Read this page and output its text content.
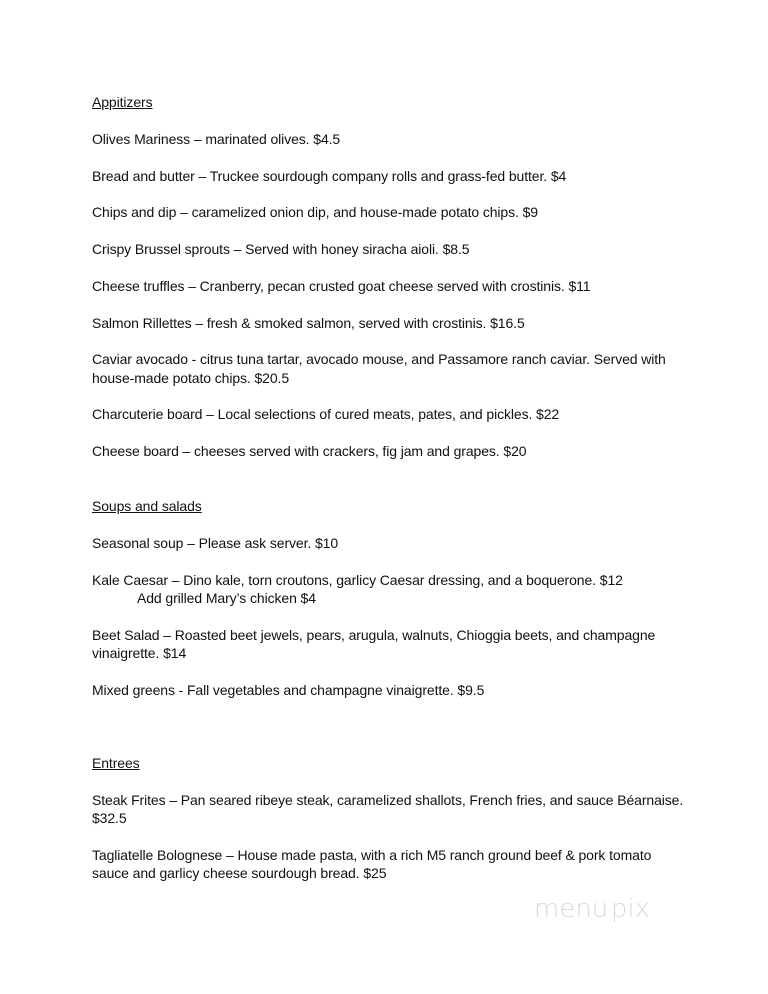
Appitizers
Olives Mariness – marinated olives. $4.5
Bread and butter – Truckee sourdough company rolls and grass-fed butter. $4
Chips and dip – caramelized onion dip, and house-made potato chips. $9
Crispy Brussel sprouts – Served with honey siracha aioli. $8.5
Cheese truffles – Cranberry, pecan crusted goat cheese served with crostinis. $11
Salmon Rillettes – fresh & smoked salmon, served with crostinis. $16.5
Caviar avocado - citrus tuna tartar, avocado mouse, and Passamore ranch caviar. Served with
house-made potato chips. $20.5
Charcuterie board – Local selections of cured meats, pates, and pickles. $22
Cheese board – cheeses served with crackers, fig jam and grapes. $20
Soups and salads
Seasonal soup – Please ask server. $10
Kale Caesar – Dino kale, torn croutons, garlicy Caesar dressing, and a boquerone. $12
Add grilled Mary’s chicken $4
Beet Salad – Roasted beet jewels, pears, arugula, walnuts, Chioggia beets, and champagne
vinaigrette. $14
Mixed greens - Fall vegetables and champagne vinaigrette. $9.5
Entrees
Steak Frites – Pan seared ribeye steak, caramelized shallots, French fries, and sauce Béarnaise.
$32.5
Tagliatelle Bolognese – House made pasta, with a rich M5 ranch ground beef & pork tomato
sauce and garlicy cheese sourdough bread. $25
menu pix
